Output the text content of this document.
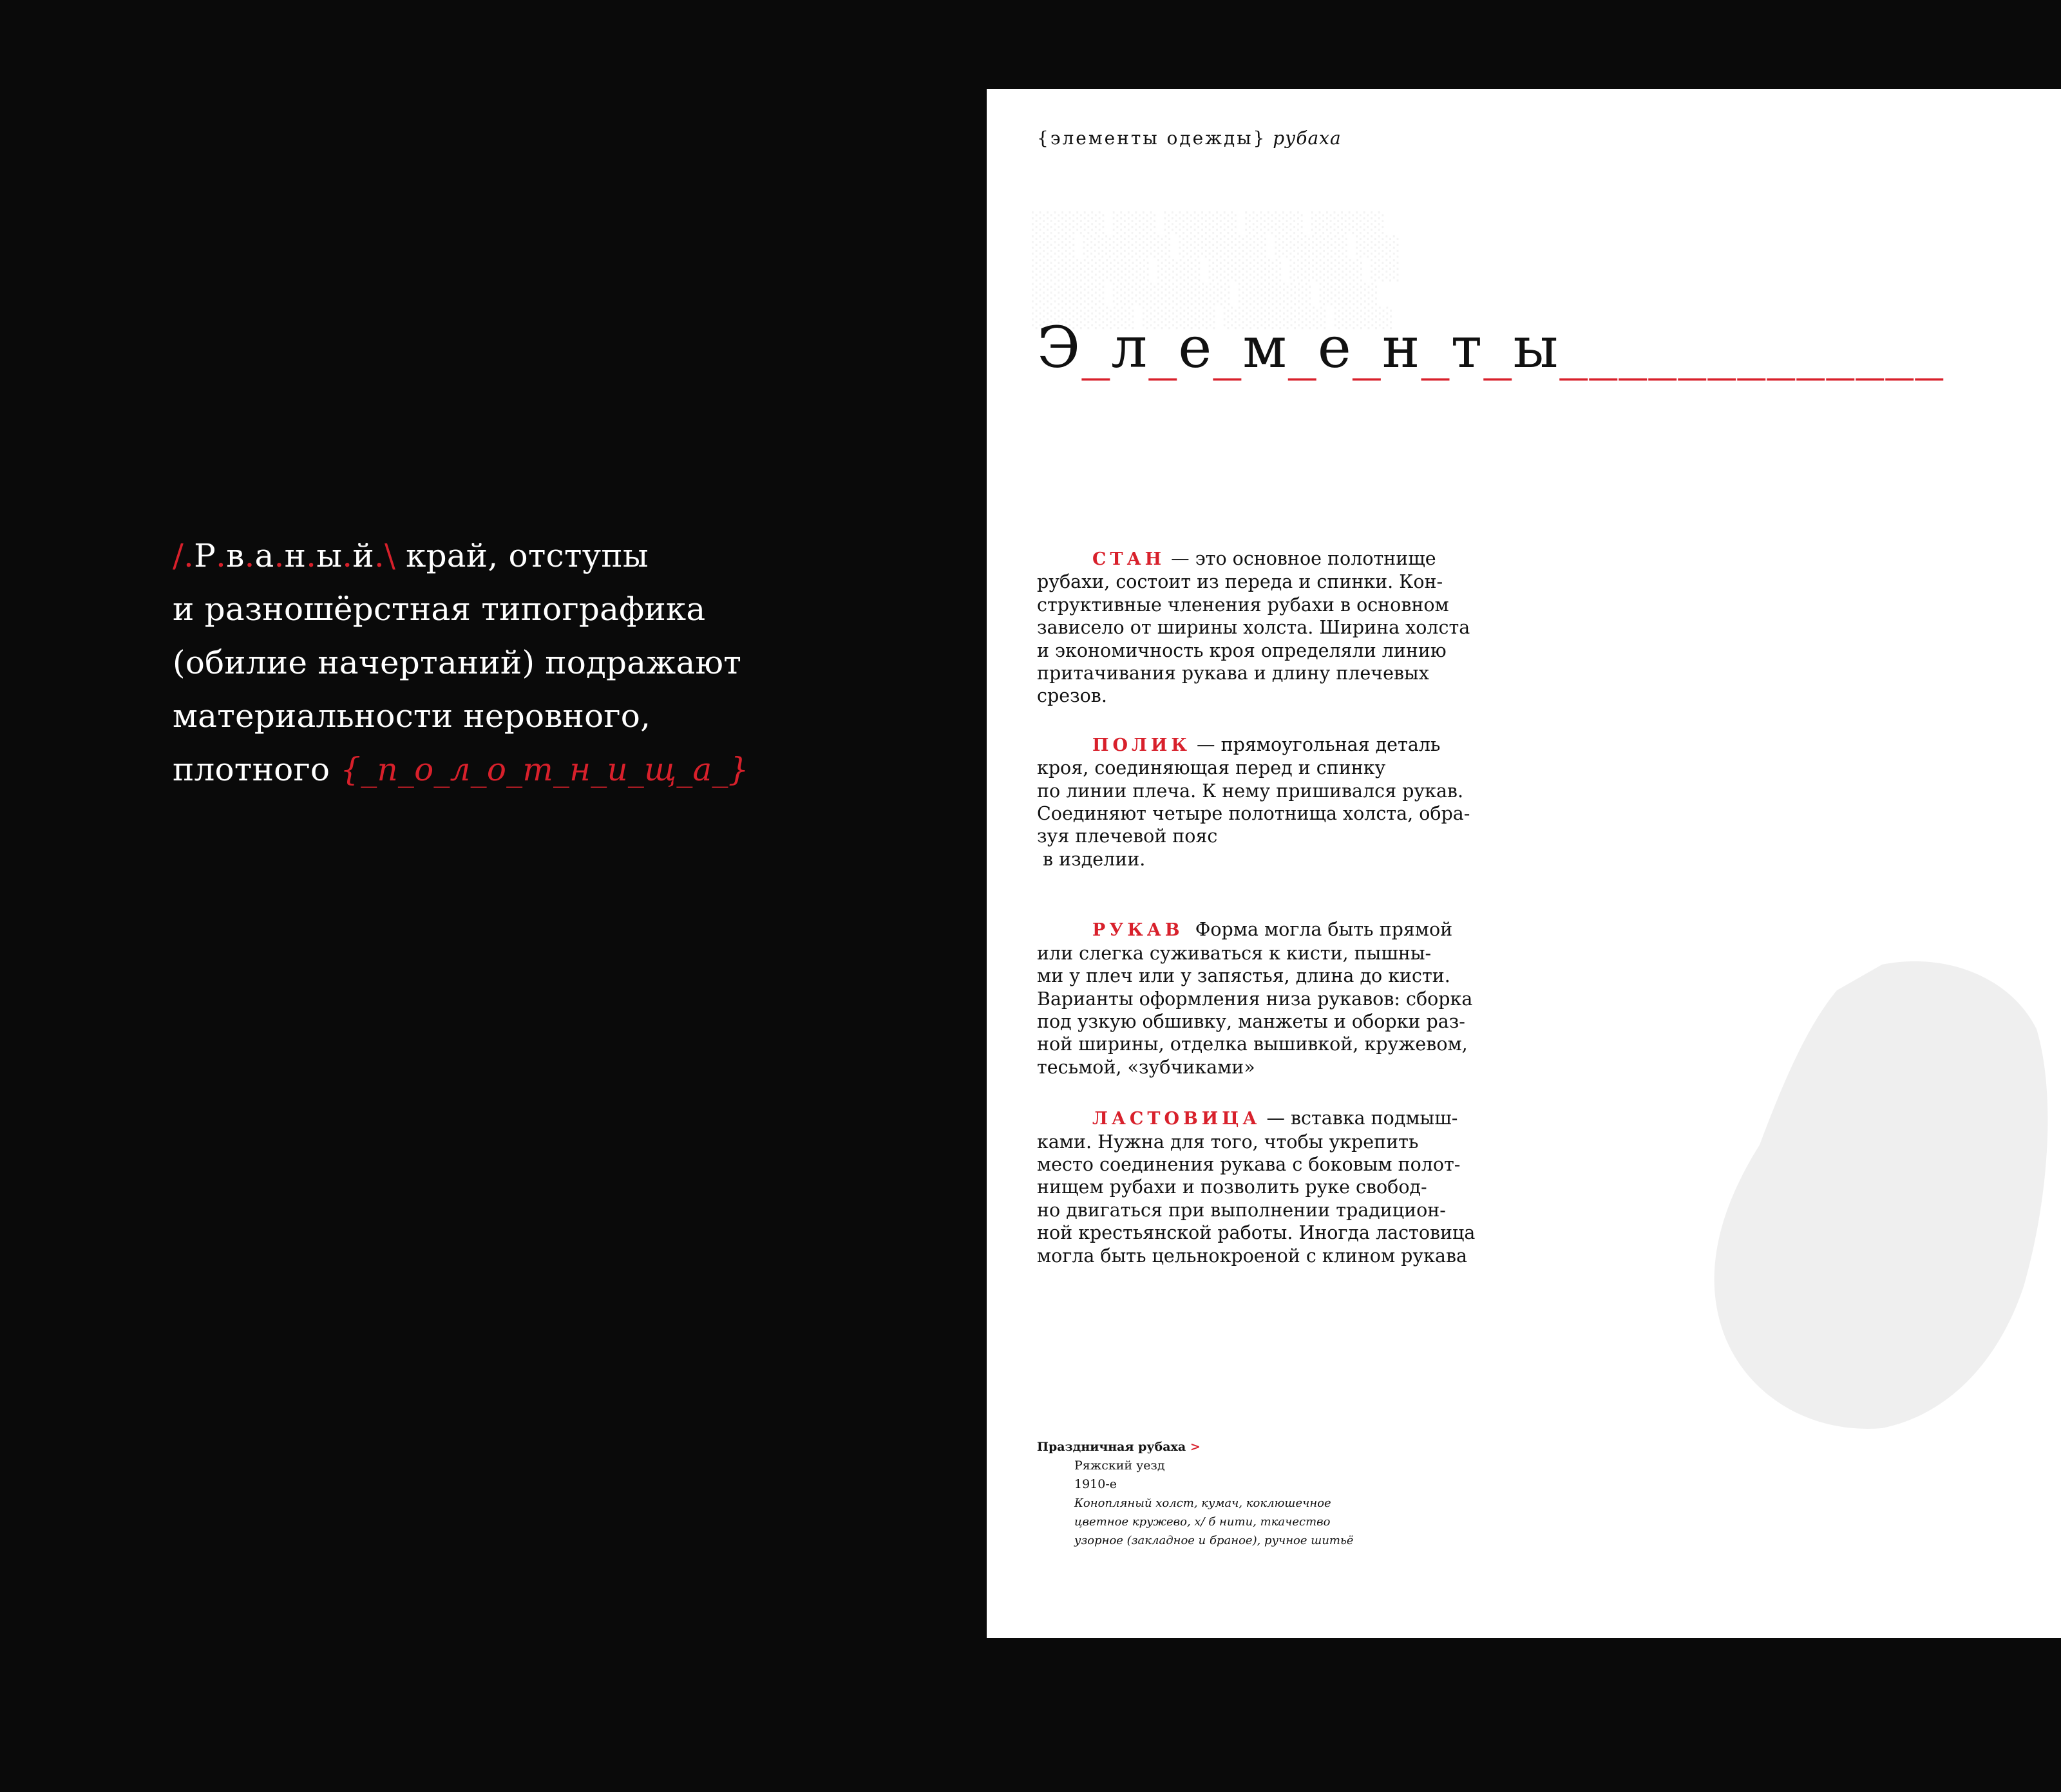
/.Р.в.а.н.ы.й.\ край, отступы
и разношёрстная типографика
(обилие начертаний) подражают
материальности неровного,
плотного {_п_о_л_о_т_н_и_щ_а_}
{элементы одежды} рубаха

Э_л_е_м_е_н_т_ы_____________
СТАН — это основное полотнище
рубахи, состоит из переда и спинки. Кон-
структивные членения рубахи в основном
зависело от ширины холста. Ширина холста
и экономичность кроя определяли линию
притачивания рукава и длину плечевых
срезов.
ПОЛИК — прямоугольная деталь
кроя, соединяющая перед и спинку
по линии плеча. К нему пришивался рукав.
Соединяют четыре полотнища холста, обра-
зуя плечевой пояс
в изделии.
РУКАВ  Форма могла быть прямой
или слегка суживаться к кисти, пышны-
ми у плеч или у запястья, длина до кисти.
Варианты оформления низа рукавов: сборка
под узкую обшивку, манжеты и оборки раз-
ной ширины, отделка вышивкой, кружевом,
тесьмой, «зубчиками»
ЛАСТОВИЦА — вставка подмыш-
ками. Нужна для того, чтобы укрепить
место соединения рукава с боковым полот-
нищем рубахи и позволить руке свобод-
но двигаться при выполнении традицион-
ной крестьянской работы. Иногда ластовица
могла быть цельнокроеной с клином рукава
Праздничная рубаха >
Ряжский уезд
1910-е
Конопляный холст, кумач, коклюшечное
цветное кружево, х/ б нити, ткачество
узорное (закладное и браное), ручное шитьё
